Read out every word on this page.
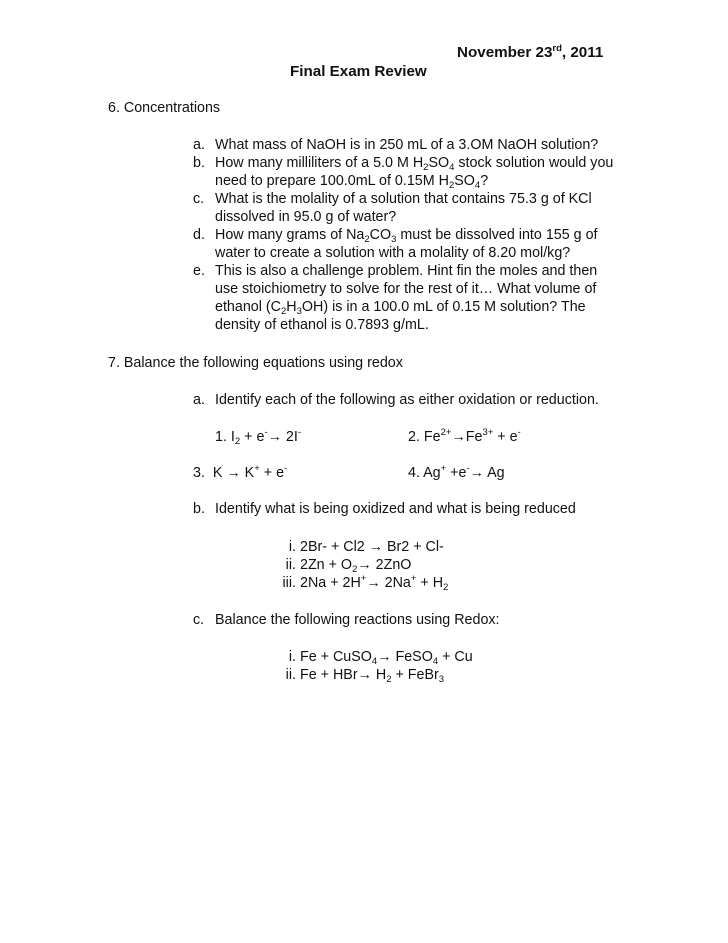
November 23rd, 2011
Final Exam Review
6. Concentrations
a. What mass of NaOH is in 250 mL of a 3.OM NaOH solution?
b. How many milliliters of a 5.0 M $H_2SO_4$ stock solution would you
need to prepare 100.0mL of 0.15M $H_2SO_4$?
c. What is the molality of a solution that contains 75.3 g of KCl
dissolved in 95.0 g of water?
d. How many grams of $Na_2CO_3$ must be dissolved into 155 g of
water to create a solution with a molality of 8.20 mol/kg?
e. This is also a challenge problem. Hint fin the moles and then
use stoichiometry to solve for the rest of it… What volume of
ethanol $(C_2H_3OH)$ is in a 100.0 mL of 0.15 M solution? The
density of ethanol is 0.7893 g/mL.
7. Balance the following equations using redox
a. Identify each of the following as either oxidation or reduction.
1. $I_2 + e^-\to 2I^-$	2. $Fe^{2+}\to Fe^{3+} + e^-$
3. K → K+ + e-	4. Ag+ +e-→ Ag
b. Identify what is being oxidized and what is being reduced
i. 2Br- + Cl2 → Br2 + Cl-
ii. $2Zn + O_2\to 2ZnO$
iii. $2Na + 2H^+\to 2Na^+ + H_2$
c. Balance the following reactions using Redox:
i. Fe + CuSO$_4$→ FeSO$_4$ + Cu
ii. $Fe + HBr\to H_2$ + FeBr$_3$
